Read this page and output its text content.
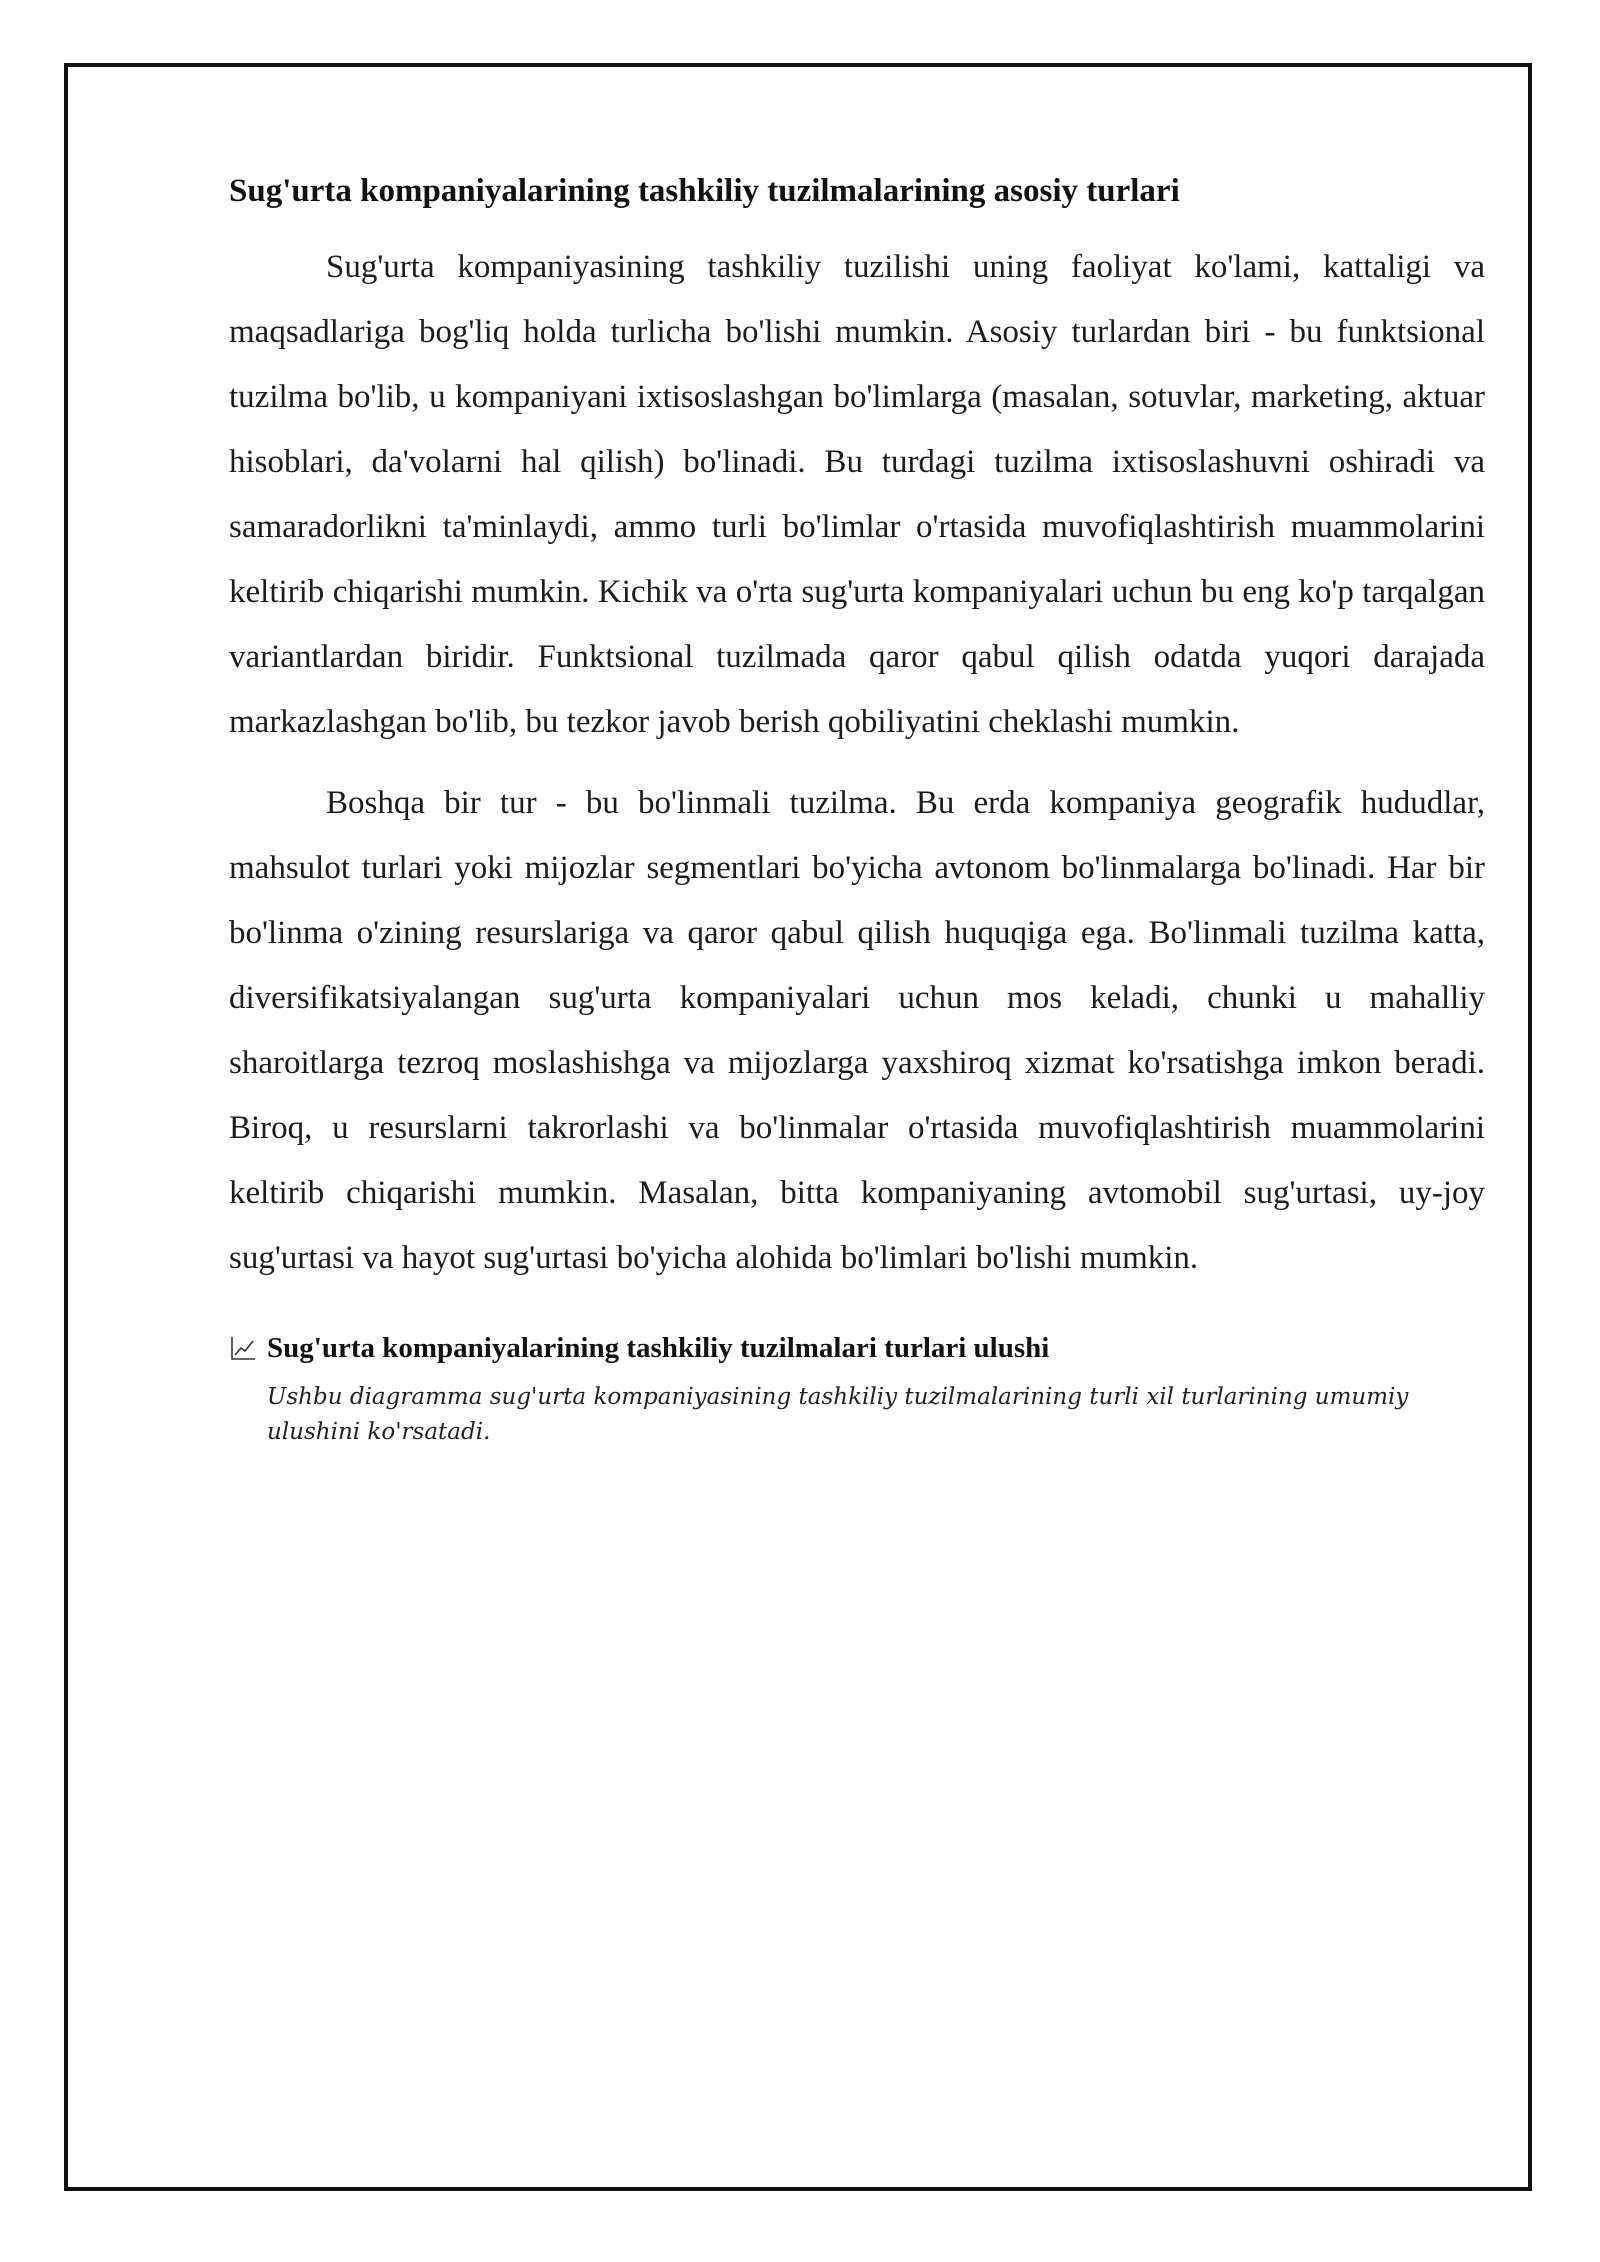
Sug'urta kompaniyalarining tashkiliy tuzilmalarining asosiy turlari

Sug'urta kompaniyasining tashkiliy tuzilishi uning faoliyat ko'lami, kattaligi va maqsadlariga bog'liq holda turlicha bo'lishi mumkin. Asosiy turlardan biri - bu funktsional tuzilma bo'lib, u kompaniyani ixtisoslashgan bo'limlarga (masalan, sotuvlar, marketing, aktuar hisoblari, da'volarni hal qilish) bo'linadi. Bu turdagi tuzilma ixtisoslashuvni oshiradi va samaradorlikni ta'minlaydi, ammo turli bo'limlar o'rtasida muvofiqlashtirish muammolarini keltirib chiqarishi mumkin. Kichik va o'rta sug'urta kompaniyalari uchun bu eng ko'p tarqalgan variantlardan biridir. Funktsional tuzilmada qaror qabul qilish odatda yuqori darajada markazlashgan bo'lib, bu tezkor javob berish qobiliyatini cheklashi mumkin.

Boshqa bir tur - bu bo'linmali tuzilma. Bu erda kompaniya geografik hududlar, mahsulot turlari yoki mijozlar segmentlari bo'yicha avtonom bo'linmalarga bo'linadi. Har bir bo'linma o'zining resurslariga va qaror qabul qilish huquqiga ega. Bo'linmali tuzilma katta, diversifikatsiyalangan sug'urta kompaniyalari uchun mos keladi, chunki u mahalliy sharoitlarga tezroq moslashishga va mijozlarga yaxshiroq xizmat ko'rsatishga imkon beradi. Biroq, u resurslarni takrorlashi va bo'linmalar o'rtasida muvofiqlashtirish muammolarini keltirib chiqarishi mumkin. Masalan, bitta kompaniyaning avtomobil sug'urtasi, uy-joy sug'urtasi va hayot sug'urtasi bo'yicha alohida bo'limlari bo'lishi mumkin.

Sug'urta kompaniyalarining tashkiliy tuzilmalari turlari ulushi

Ushbu diagramma sug'urta kompaniyasining tashkiliy tuzilmalarining turli xil turlarining umumiy ulushini ko'rsatadi.
